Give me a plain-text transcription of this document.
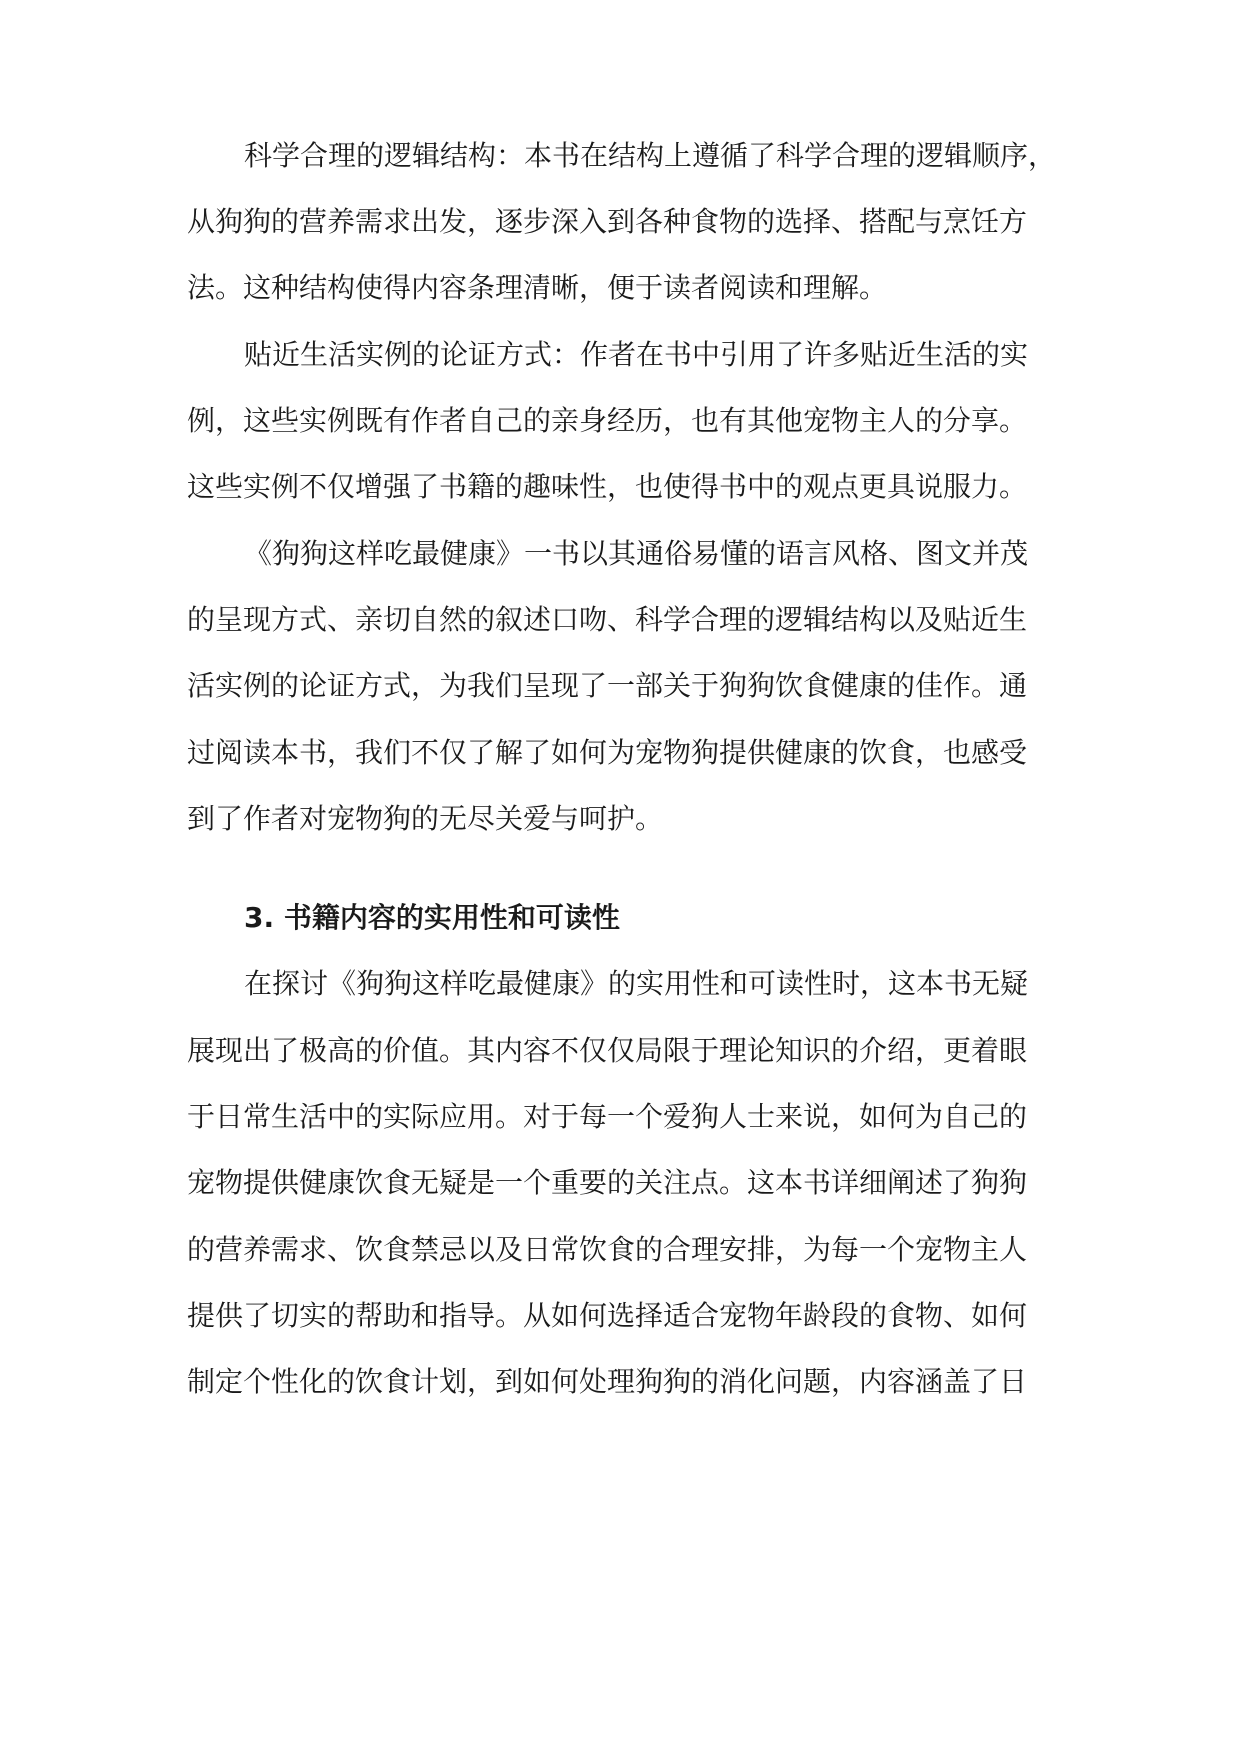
科学合理的逻辑结构：本书在结构上遵循了科学合理的逻辑顺序，

从狗狗的营养需求出发，逐步深入到各种食物的选择、搭配与烹饪方

法。这种结构使得内容条理清晰，便于读者阅读和理解。

贴近生活实例的论证方式：作者在书中引用了许多贴近生活的实

例，这些实例既有作者自己的亲身经历，也有其他宠物主人的分享。

这些实例不仅增强了书籍的趣味性，也使得书中的观点更具说服力。

《狗狗这样吃最健康》一书以其通俗易懂的语言风格、图文并茂

的呈现方式、亲切自然的叙述口吻、科学合理的逻辑结构以及贴近生

活实例的论证方式，为我们呈现了一部关于狗狗饮食健康的佳作。通

过阅读本书，我们不仅了解了如何为宠物狗提供健康的饮食，也感受

到了作者对宠物狗的无尽关爱与呵护。

3. 书籍内容的实用性和可读性

在探讨《狗狗这样吃最健康》的实用性和可读性时，这本书无疑

展现出了极高的价值。其内容不仅仅局限于理论知识的介绍，更着眼

于日常生活中的实际应用。对于每一个爱狗人士来说，如何为自己的

宠物提供健康饮食无疑是一个重要的关注点。这本书详细阐述了狗狗

的营养需求、饮食禁忌以及日常饮食的合理安排，为每一个宠物主人

提供了切实的帮助和指导。从如何选择适合宠物年龄段的食物、如何

制定个性化的饮食计划，到如何处理狗狗的消化问题，内容涵盖了日
